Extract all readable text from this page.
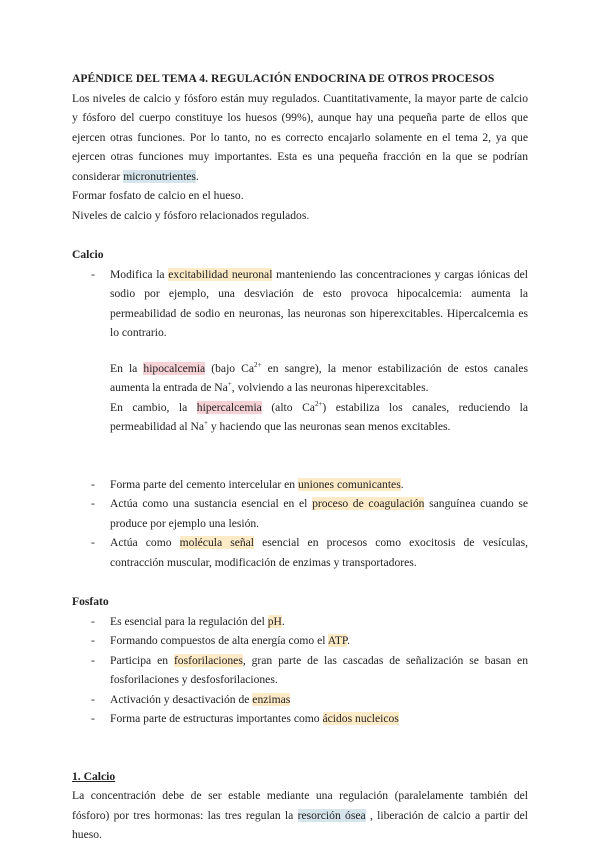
APÉNDICE DEL TEMA 4. REGULACIÓN ENDOCRINA DE OTROS PROCESOS

Los niveles de calcio y fósforo están muy regulados. Cuantitativamente, la mayor parte de calcio y fósforo del cuerpo constituye los huesos (99%), aunque hay una pequeña parte de ellos que ejercen otras funciones. Por lo tanto, no es correcto encajarlo solamente en el tema 2, ya que ejercen otras funciones muy importantes. Esta es una pequeña fracción en la que se podrían considerar micronutrientes.

Formar fosfato de calcio en el hueso.

Niveles de calcio y fósforo relacionados regulados.

Calcio

- Modifica la excitabilidad neuronal manteniendo las concentraciones y cargas iónicas del sodio por ejemplo, una desviación de esto provoca hipocalcemia: aumenta la permeabilidad de sodio en neuronas, las neuronas son hiperexcitables. Hipercalcemia es lo contrario.

En la hipocalcemia (bajo $Ca^{2+}$ en sangre), la menor estabilización de estos canales aumenta la entrada de Na+, volviendo a las neuronas hiperexcitables.

En cambio, la hipercalcemia (alto $Ca^{2+}$) estabiliza los canales, reduciendo la permeabilidad al Na+ y haciendo que las neuronas sean menos excitables.

- Forma parte del cemento intercelular en uniones comunicantes.
- Actúa como una sustancia esencial en el proceso de coagulación sanguínea cuando se produce por ejemplo una lesión.
- Actúa como molécula señal esencial en procesos como exocitosis de vesículas, contracción muscular, modificación de enzimas y transportadores.

Fosfato

- Es esencial para la regulación del pH.
- Formando compuestos de alta energía como el ATP.
- Participa en fosforilaciones, gran parte de las cascadas de señalización se basan en fosforilaciones y desfosforilaciones.
- Activación y desactivación de enzimas
- Forma parte de estructuras importantes como ácidos nucleicos

1. Calcio

La concentración debe de ser estable mediante una regulación (paralelamente también del fósforo) por tres hormonas: las tres regulan la resorción ósea , liberación de calcio a partir del hueso.
